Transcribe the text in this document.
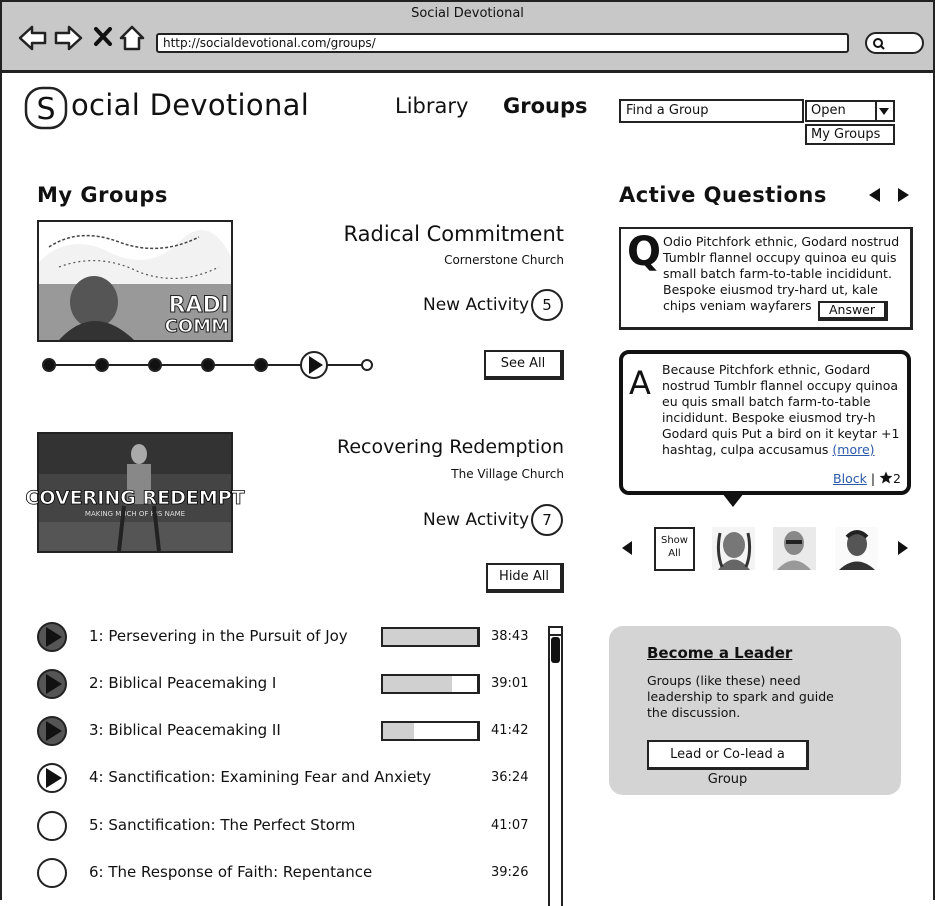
Social Devotional
http://socialdevotional.com/groups/
S ocial Devotional	Library Groups	Find a Group	Open
My Groups
My Groups
RADI
COMM
Radical Commitment
Cornerstone Church
New Activity 5
See All
COVERING REDEMPT
MAKING MUCH OF HIS NAME
Recovering Redemption
The Village Church
New Activity 7
Hide All
1: Persevering in the Pursuit of Joy	38:43
2: Biblical Peacemaking I	39:01
3: Biblical Peacemaking II	41:42
4: Sanctification: Examining Fear and Anxiety	36:24
5: Sanctification: The Perfect Storm	41:07
6: The Response of Faith: Repentance	39:26
Active Questions
Q Odio Pitchfork ethnic, Godard nostrud Tumblr flannel occupy quinoa eu quis small batch farm-to-table incididunt. Bespoke eiusmod try-hard ut, kale chips veniam wayfarers	Answer
A Because Pitchfork ethnic, Godard nostrud Tumblr flannel occupy quinoa eu quis small batch farm-to-table incididunt. Bespoke eiusmod try-h Godard quis Put a bird on it keytar +1 hashtag, culpa accusamus (more)
Block | 2
Show All
Become a Leader
Groups (like these) need leadership to spark and guide the discussion.
Lead or Co-lead a Group
